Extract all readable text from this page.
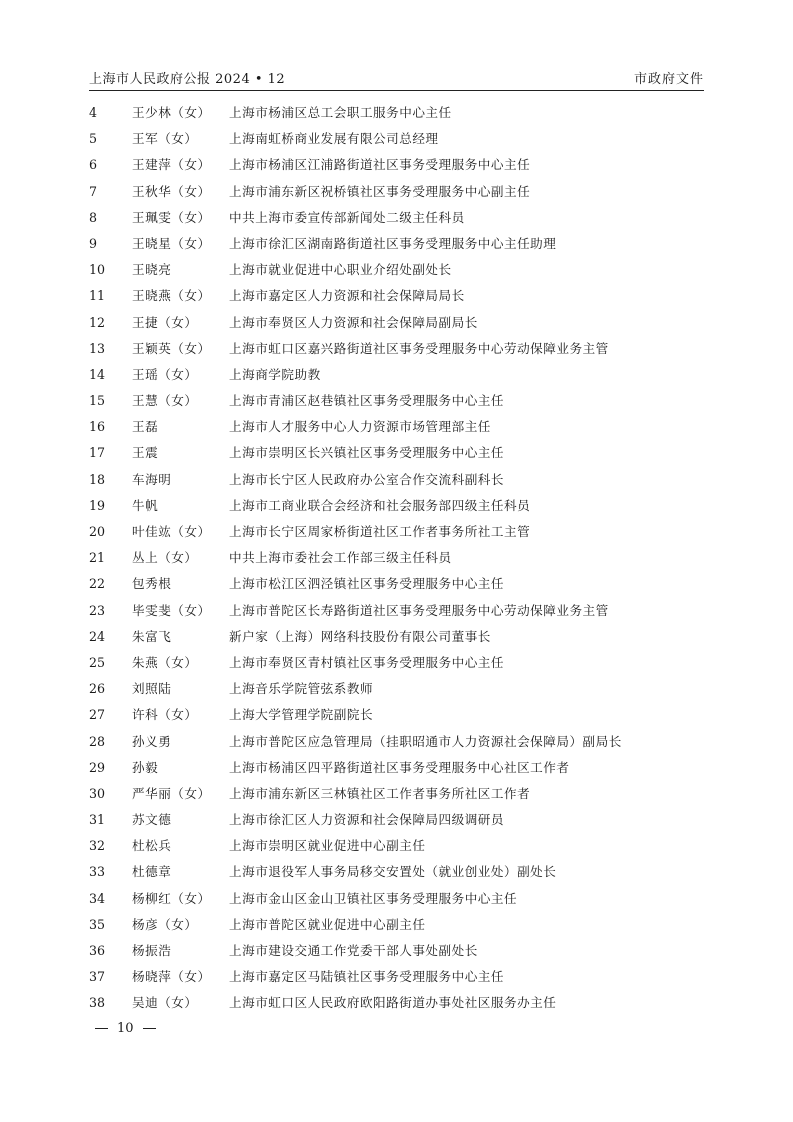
上海市人民政府公报 2024 • 12	市政府文件
4	王少林（女） 上海市杨浦区总工会职工服务中心主任
5	王军（女）	上海南虹桥商业发展有限公司总经理
6	王建萍（女） 上海市杨浦区江浦路街道社区事务受理服务中心主任
7	王秋华（女） 上海市浦东新区祝桥镇社区事务受理服务中心副主任
8	王珮雯（女） 中共上海市委宣传部新闻处二级主任科员
9	王晓星（女） 上海市徐汇区湖南路街道社区事务受理服务中心主任助理
10 王晓亮	上海市就业促进中心职业介绍处副处长
11 王晓燕（女） 上海市嘉定区人力资源和社会保障局局长
12 王捷（女）	上海市奉贤区人力资源和社会保障局副局长
13 王颖英（女） 上海市虹口区嘉兴路街道社区事务受理服务中心劳动保障业务主管
14 王瑶（女）	上海商学院助教
15 王慧（女）	上海市青浦区赵巷镇社区事务受理服务中心主任
16 王磊	上海市人才服务中心人力资源市场管理部主任
17 王震	上海市崇明区长兴镇社区事务受理服务中心主任
18 车海明	上海市长宁区人民政府办公室合作交流科副科长
19 牛帆	上海市工商业联合会经济和社会服务部四级主任科员
20 叶佳竑（女） 上海市长宁区周家桥街道社区工作者事务所社工主管
21 丛上（女）	中共上海市委社会工作部三级主任科员
22 包秀根	上海市松江区泗泾镇社区事务受理服务中心主任
23 毕雯斐（女） 上海市普陀区长寿路街道社区事务受理服务中心劳动保障业务主管
24 朱富飞	新户家（上海）网络科技股份有限公司董事长
25 朱燕（女）	上海市奉贤区青村镇社区事务受理服务中心主任
26 刘照陆	上海音乐学院管弦系教师
27 许科（女）	上海大学管理学院副院长
28 孙义勇	上海市普陀区应急管理局（挂职昭通市人力资源社会保障局）副局长
29 孙毅	上海市杨浦区四平路街道社区事务受理服务中心社区工作者
30 严华丽（女） 上海市浦东新区三林镇社区工作者事务所社区工作者
31 苏文德	上海市徐汇区人力资源和社会保障局四级调研员
32 杜松兵	上海市崇明区就业促进中心副主任
33 杜德章	上海市退役军人事务局移交安置处（就业创业处）副处长
34 杨柳红（女） 上海市金山区金山卫镇社区事务受理服务中心主任
35 杨彦（女）	上海市普陀区就业促进中心副主任
36 杨振浩	上海市建设交通工作党委干部人事处副处长
37 杨晓萍（女） 上海市嘉定区马陆镇社区事务受理服务中心主任
38 吴迪（女）	上海市虹口区人民政府欧阳路街道办事处社区服务办主任
10
